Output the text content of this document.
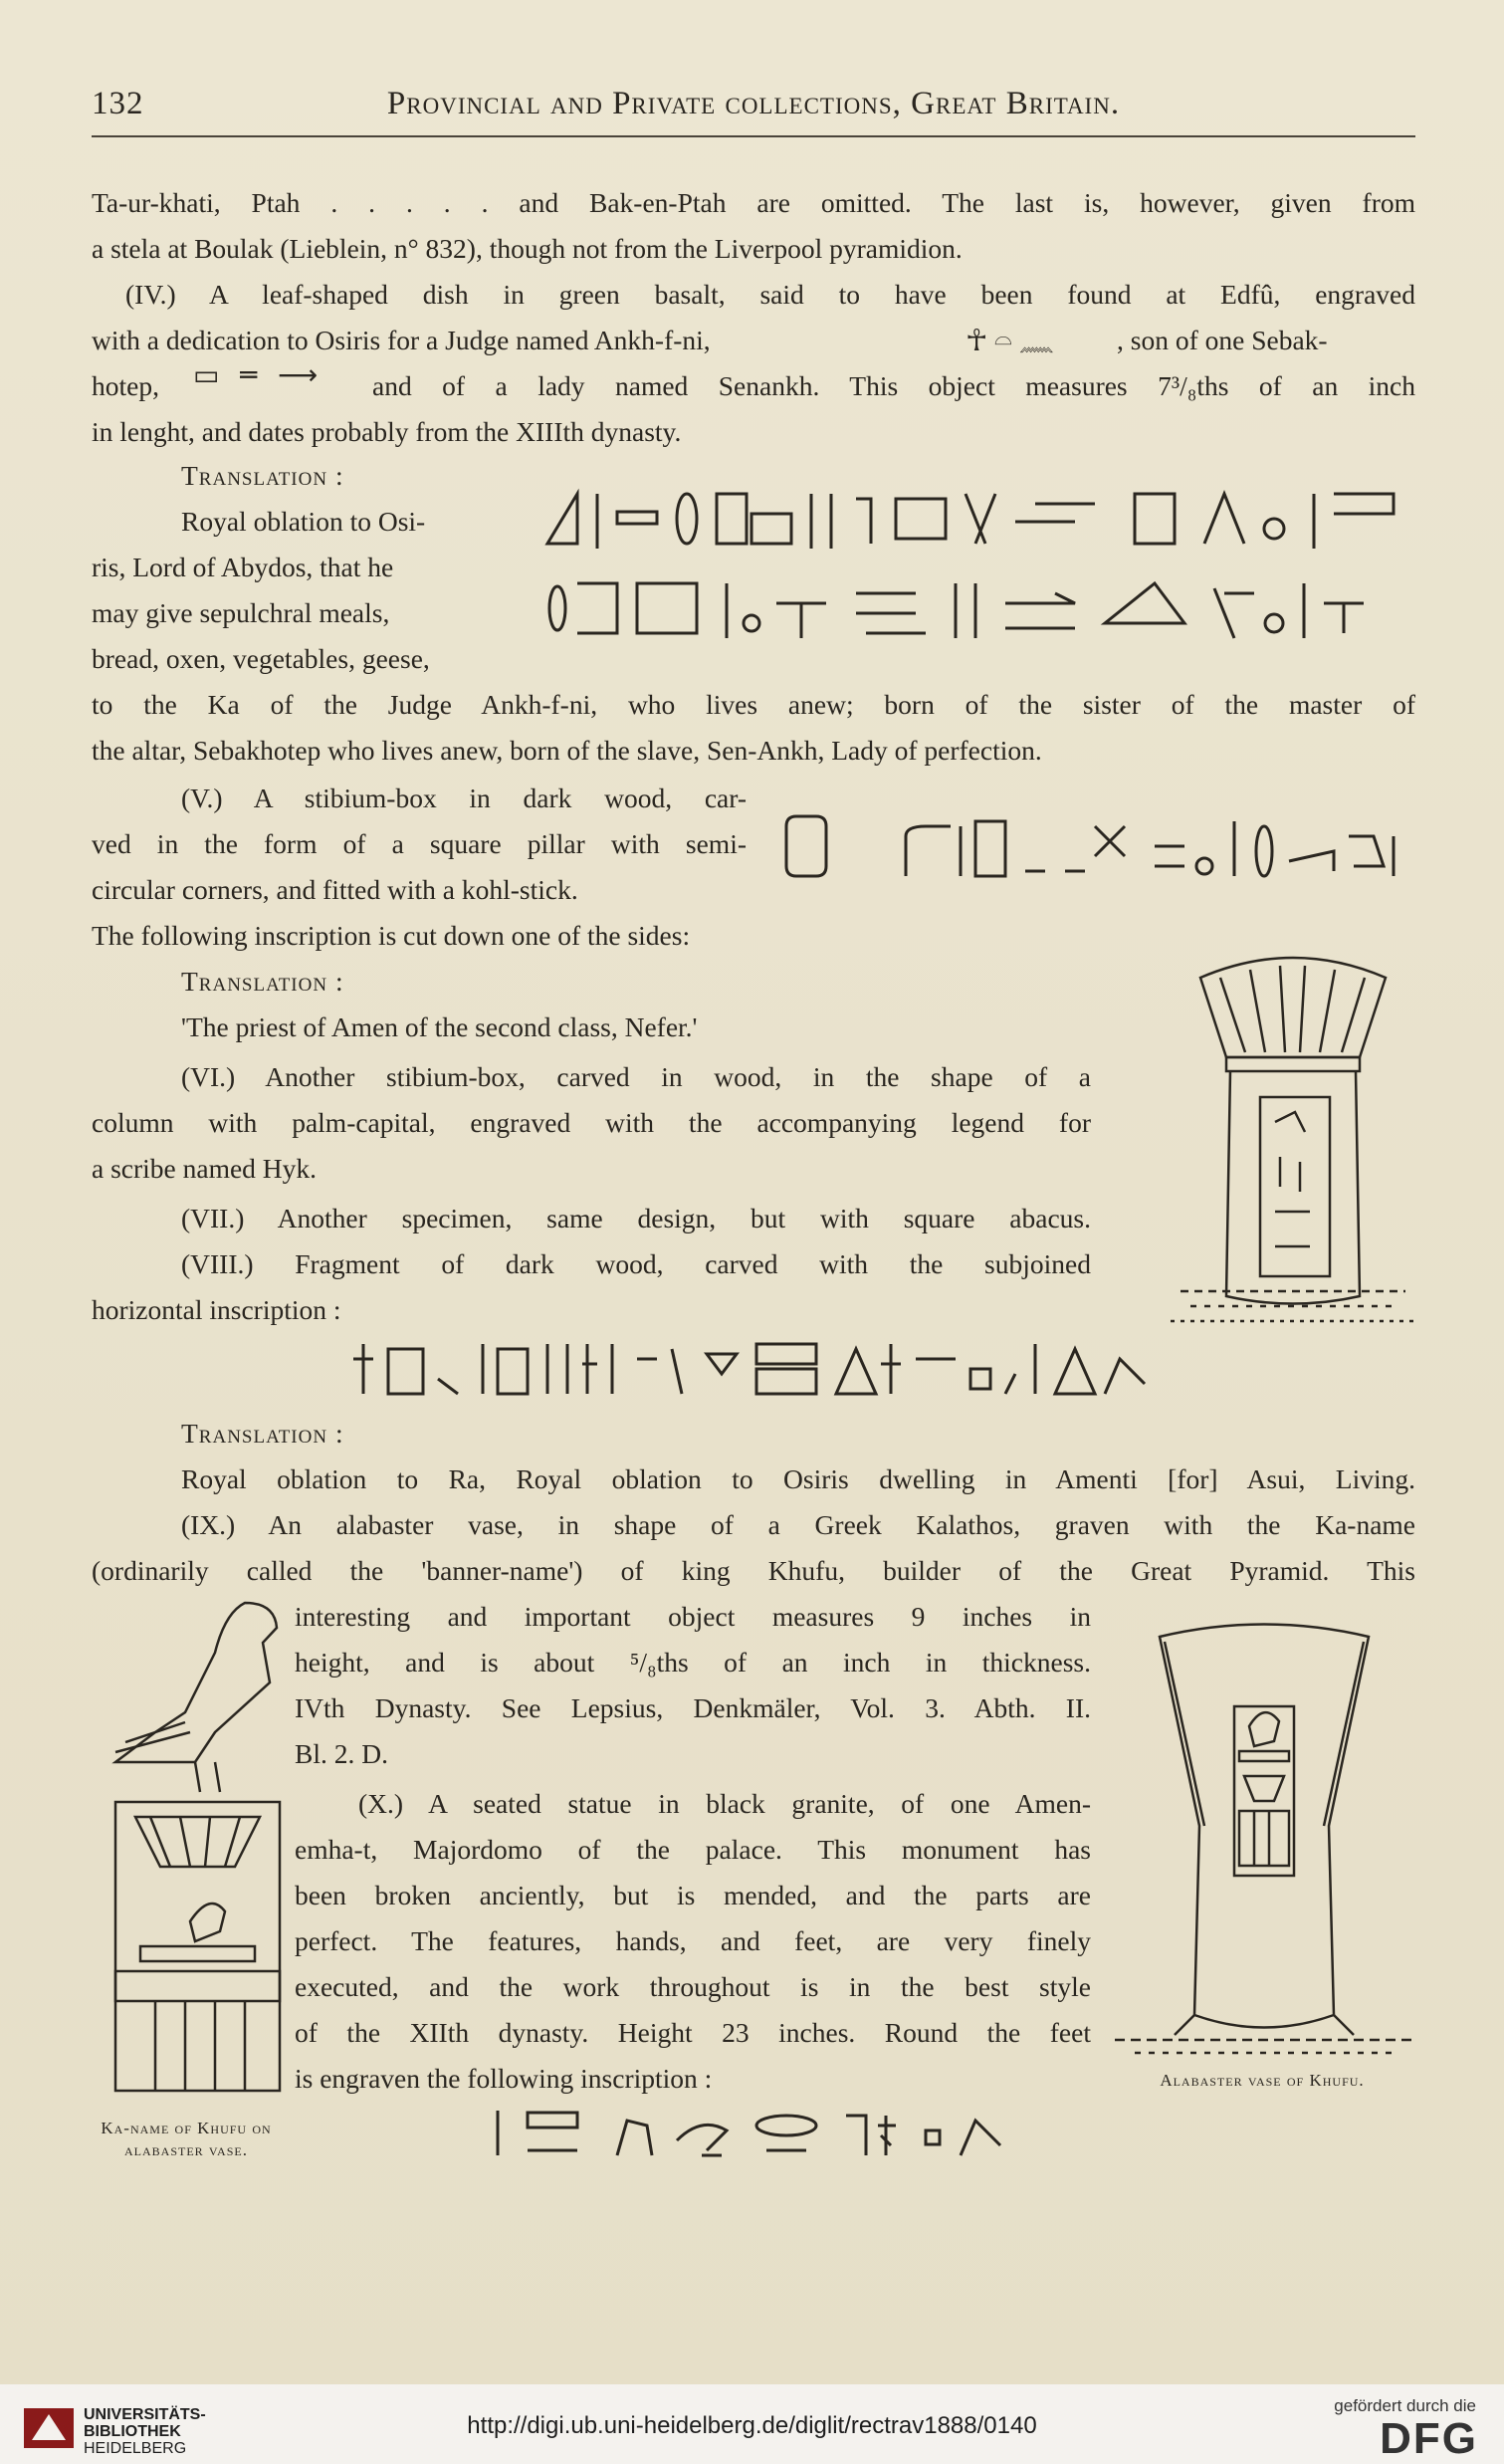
132	Provincial and Private collections, Great Britain.
Ta-ur-khati, Ptah . . . . . and Bak-en-Ptah are omitted. The last is, however, given from
a stela at Boulak (Lieblein, n° 832), though not from the Liverpool pyramidion.
(IV.) A leaf-shaped dish in green basalt, said to have been found at Edfû, engraved
with a dedication to Osiris for a Judge named Ankh-f-ni,	☥𓏏𓈖 , son of one Sebak-
hotep, ▭ ═ ⟶ and of a lady named Senankh. This object measures 7³/₈ths of an inch
in lenght, and dates probably from the XIIIth dynasty.
Translation :
Royal oblation to Osi-
ris, Lord of Abydos, that he
may give sepulchral meals,
bread, oxen, vegetables, geese,
to the Ka of the Judge Ankh-f-ni, who lives anew; born of the sister of the master of
the altar, Sebakhotep who lives anew, born of the slave, Sen-Ankh, Lady of perfection.
(V.) A stibium-box in dark wood, car-
ved in the form of a square pillar with semi-
circular corners, and fitted with a kohl-stick.
The following inscription is cut down one of the sides:
Translation :
'The priest of Amen of the second class, Nefer.'
(VI.) Another stibium-box, carved in wood, in the shape of a
column with palm-capital, engraved with the accompanying legend for
a scribe named Hyk.
(VII.) Another specimen, same design, but with square abacus.
(VIII.) Fragment of dark wood, carved with the subjoined
horizontal inscription :
Translation :
Royal oblation to Ra, Royal oblation to Osiris dwelling in Amenti [for] Asui, Living.
(IX.) An alabaster vase, in shape of a Greek Kalathos, graven with the Ka-name
(ordinarily called the 'banner-name') of king Khufu, builder of the Great Pyramid. This
interesting and important object measures 9 inches in
height, and is about ⁵/₈ths of an inch in thickness.
IVth Dynasty. See Lepsius, Denkmäler, Vol. 3. Abth. II.
Bl. 2. D.
(X.) A seated statue in black granite, of one Amen-
emha-t, Majordomo of the palace. This monument has
been broken anciently, but is mended, and the parts are
perfect. The features, hands, and feet, are very finely
executed, and the work throughout is in the best style
of the XIIth dynasty. Height 23 inches. Round the feet
is engraven the following inscription :
Ka-name of Khufu on
alabaster vase.
Alabaster vase of Khufu.
UNIVERSITÄTS-
BIBLIOTHEK
HEIDELBERG
http://digi.ub.uni-heidelberg.de/diglit/rectrav1888/0140
gefördert durch die
DFG
